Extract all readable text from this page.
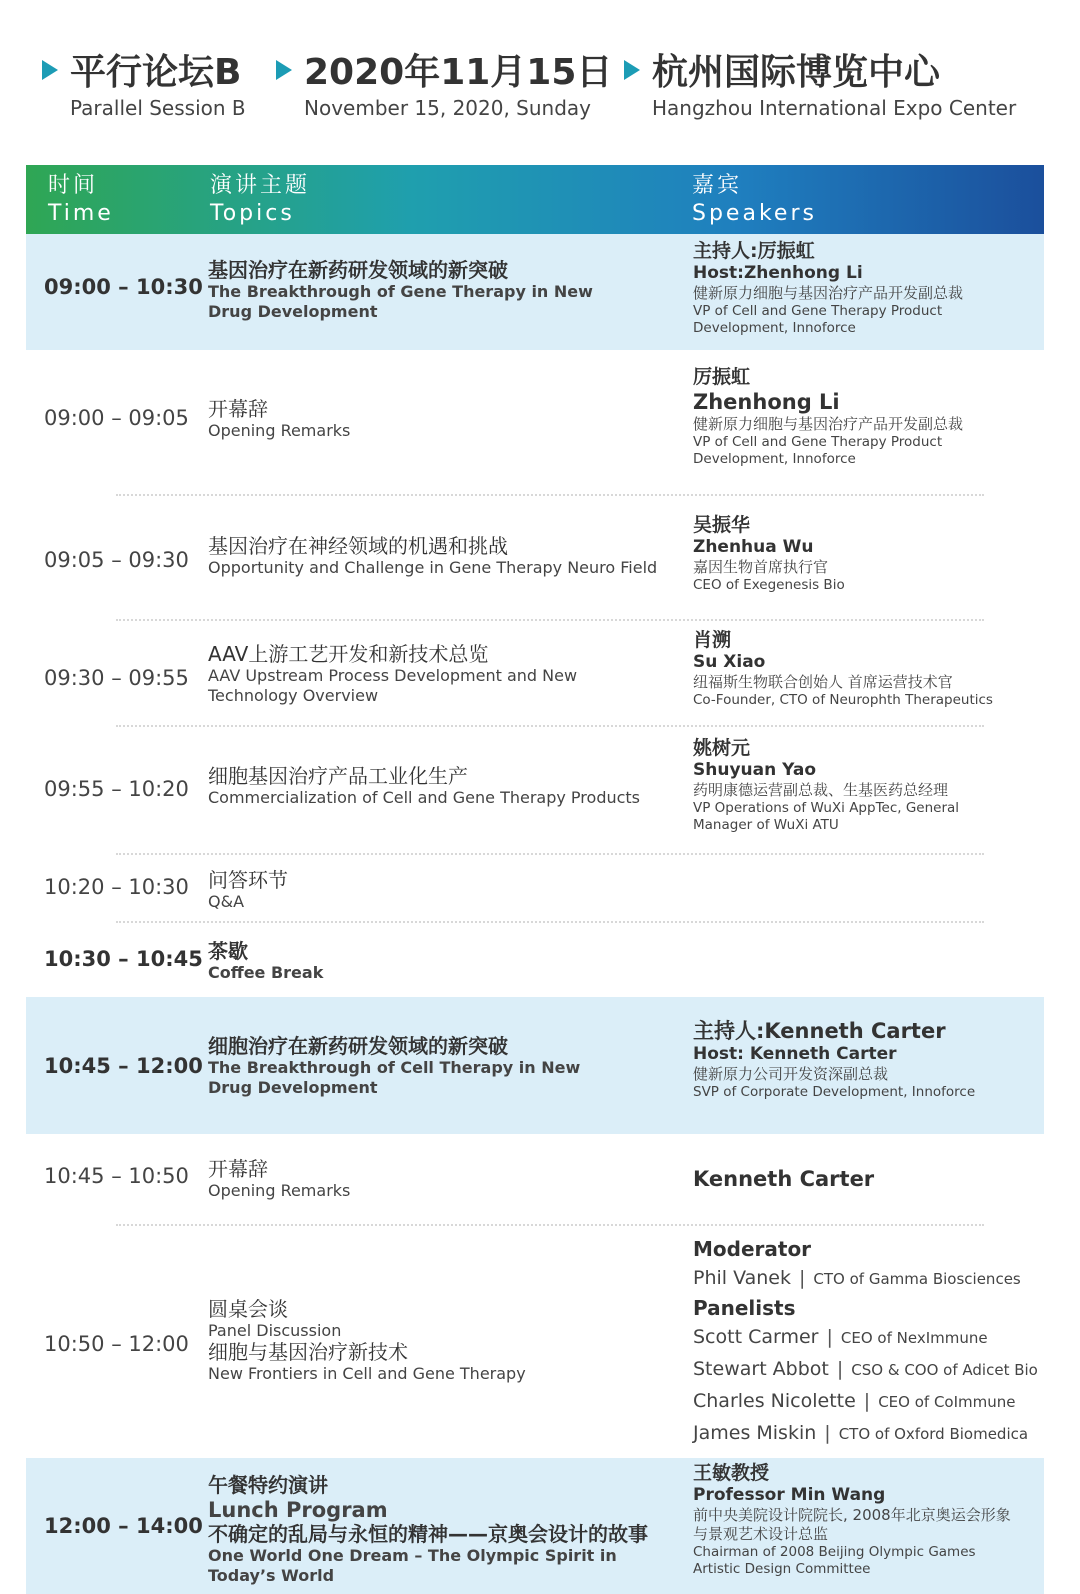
平行论坛B
Parallel Session B
2020年11月15日
November 15, 2020, Sunday
杭州国际博览中心
Hangzhou International Expo Center
时间
Time
演讲主题
Topics
嘉宾
Speakers
09:00 – 10:30
基因治疗在新药研发领域的新突破
The Breakthrough of Gene Therapy in New Drug Development
主持人:厉振虹
Host:Zhenhong Li
健新原力细胞与基因治疗产品开发副总裁
VP of Cell and Gene Therapy Product Development, Innoforce
09:00 – 09:05 开幕辞
Opening Remarks
厉振虹
Zhenhong Li
健新原力细胞与基因治疗产品开发副总裁
VP of Cell and Gene Therapy Product Development, Innoforce
09:05 – 09:30
基因治疗在神经领域的机遇和挑战
Opportunity and Challenge in Gene Therapy Neuro Field
吴振华
Zhenhua Wu
嘉因生物首席执行官
CEO of Exegenesis Bio
09:30 – 09:55
AAV上游工艺开发和新技术总览
AAV Upstream Process Development and New Technology Overview
肖溯
Su Xiao
纽福斯生物联合创始人 首席运营技术官
Co-Founder, CTO of Neurophth Therapeutics
09:55 – 10:20
细胞基因治疗产品工业化生产
Commercialization of Cell and Gene Therapy Products
姚树元
Shuyuan Yao
药明康德运营副总裁、生基医药总经理
VP Operations of WuXi AppTec, General Manager of WuXi ATU
10:20 – 10:30 问答环节
Q&A
10:30 – 10:45 茶歇
Coffee Break
10:45 – 12:00
细胞治疗在新药研发领域的新突破
The Breakthrough of Cell Therapy in New Drug Development
主持人:Kenneth Carter
Host: Kenneth Carter
健新原力公司开发资深副总裁
SVP of Corporate Development, Innoforce
10:45 – 10:50 开幕辞
Opening Remarks	Kenneth Carter
10:50 – 12:00
圆桌会谈
Panel Discussion
细胞与基因治疗新技术
New Frontiers in Cell and Gene Therapy
Moderator
Phil Vanek | CTO of Gamma Biosciences
Panelists
Scott Carmer | CEO of NexImmune
Stewart Abbot | CSO & COO of Adicet Bio
Charles Nicolette | CEO of CoImmune
James Miskin | CTO of Oxford Biomedica
12:00 – 14:00
午餐特约演讲
Lunch Program
不确定的乱局与永恒的精神——京奥会设计的故事
One World One Dream – The Olympic Spirit in Today’s World
王敏教授
Professor Min Wang
前中央美院设计院院长, 2008年北京奥运会形象与景观艺术设计总监
Chairman of 2008 Beijing Olympic Games Artistic Design Committee
